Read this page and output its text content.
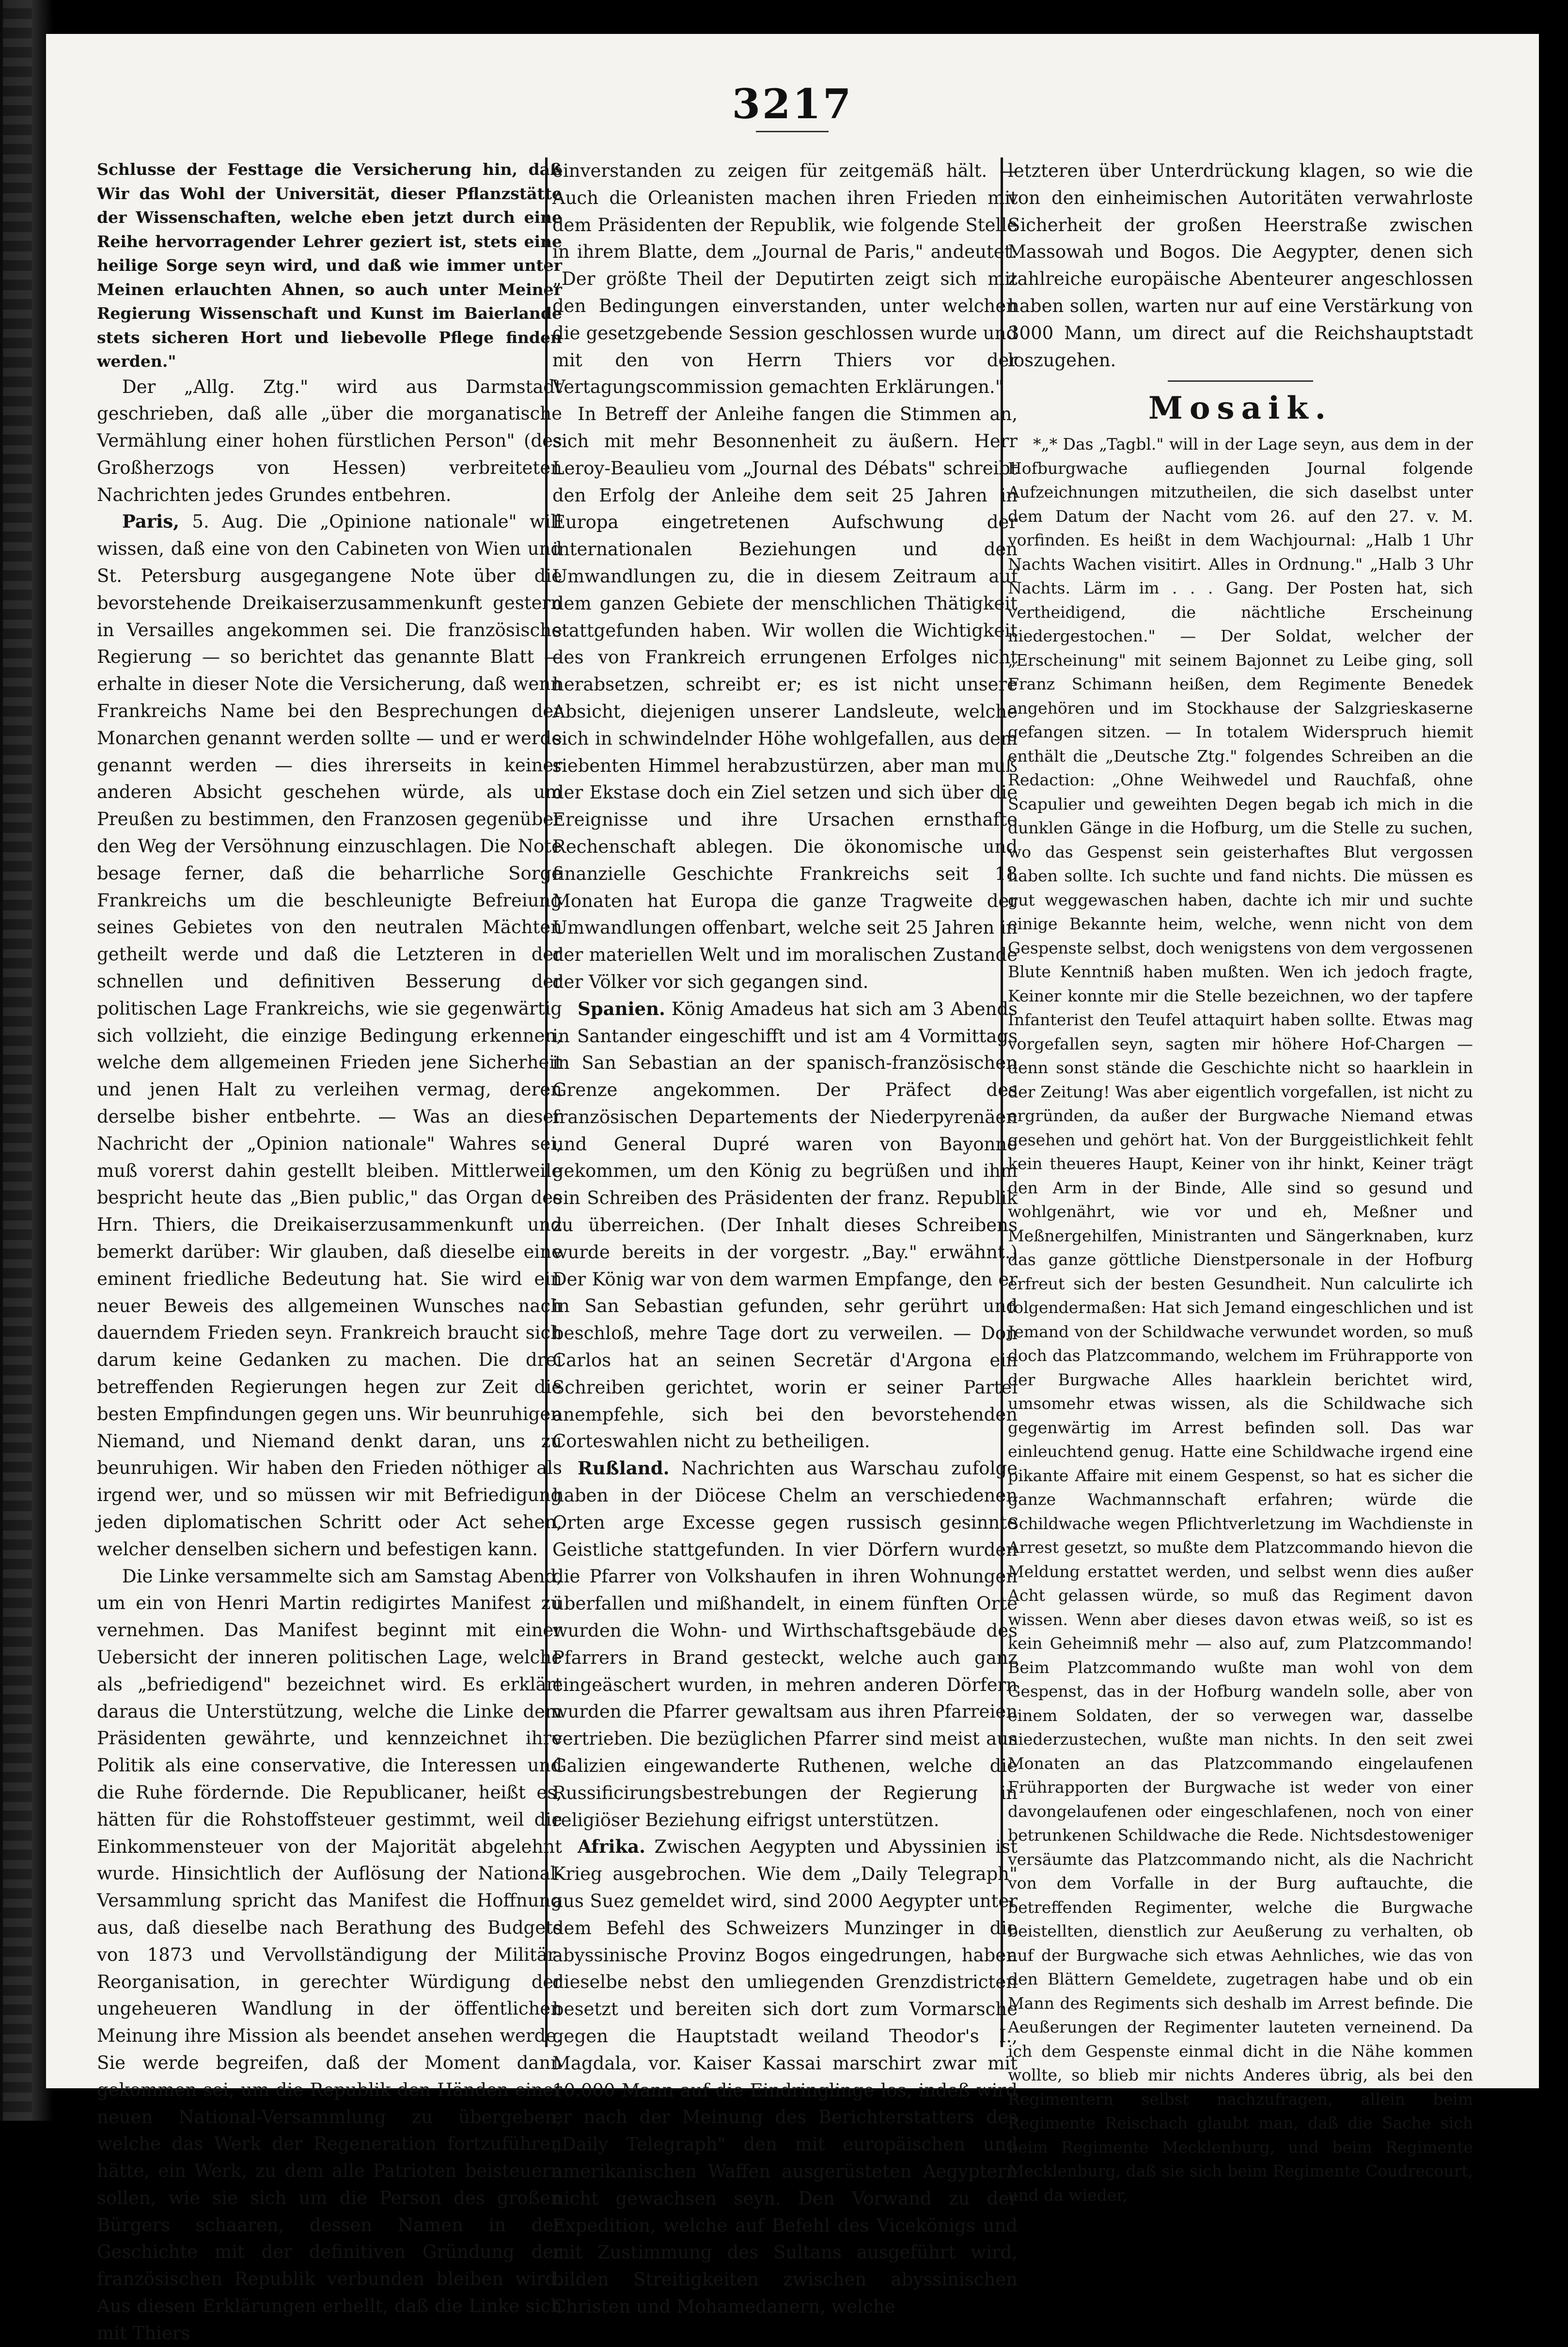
3217

Schlusse der Festtage die Versicherung hin, daß Wir das Wohl der Universität, dieser Pflanzstätte der Wissenschaften, welche eben jetzt durch eine Reihe hervorragender Lehrer geziert ist, stets eine heilige Sorge seyn wird, und daß wie immer unter Meinen erlauchten Ahnen, so auch unter Meiner Regierung Wissenschaft und Kunst im Baierlande stets sicheren Hort und liebevolle Pflege finden werden."

Der „Allg. Ztg." wird aus Darmstadt geschrieben, daß alle „über die morganatische Vermählung einer hohen fürstlichen Person" (des Großherzogs von Hessen) verbreiteten Nachrichten jedes Grundes entbehren.

Paris, 5. Aug. Die „Opinione nationale" will wissen, daß eine von den Cabineten von Wien und St. Petersburg ausgegangene Note über die bevorstehende Dreikaiserzusammenkunft gestern in Versailles angekommen sei. Die französische Regierung — so berichtet das genannte Blatt — erhalte in dieser Note die Versicherung, daß wenn Frankreichs Name bei den Besprechungen der Monarchen genannt werden sollte — und er werde genannt werden — dies ihrerseits in keiner anderen Absicht geschehen würde, als um Preußen zu bestimmen, den Franzosen gegenüber den Weg der Versöhnung einzuschlagen. Die Note besage ferner, daß die beharrliche Sorge Frankreichs um die beschleunigte Befreiung seines Gebietes von den neutralen Mächten getheilt werde und daß die Letzteren in der schnellen und definitiven Besserung der politischen Lage Frankreichs, wie sie gegenwärtig sich vollzieht, die einzige Bedingung erkennen, welche dem allgemeinen Frieden jene Sicherheit und jenen Halt zu verleihen vermag, deren derselbe bisher entbehrte. — Was an dieser Nachricht der „Opinion nationale" Wahres sei, muß vorerst dahin gestellt bleiben. Mittlerweile bespricht heute das „Bien public," das Organ des Hrn. Thiers, die Dreikaiserzusammenkunft und bemerkt darüber: Wir glauben, daß dieselbe eine eminent friedliche Bedeutung hat. Sie wird ein neuer Beweis des allgemeinen Wunsches nach dauerndem Frieden seyn. Frankreich braucht sich darum keine Gedanken zu machen. Die drei betreffenden Regierungen hegen zur Zeit die besten Empfindungen gegen uns. Wir beunruhigen Niemand, und Niemand denkt daran, uns zu beunruhigen. Wir haben den Frieden nöthiger als irgend wer, und so müssen wir mit Befriedigung jeden diplomatischen Schritt oder Act sehen, welcher denselben sichern und befestigen kann.

Die Linke versammelte sich am Samstag Abend, um ein von Henri Martin redigirtes Manifest zu vernehmen. Das Manifest beginnt mit einer Uebersicht der inneren politischen Lage, welche als „befriedigend" bezeichnet wird. Es erklärt daraus die Unterstützung, welche die Linke dem Präsidenten gewährte, und kennzeichnet ihre Politik als eine conservative, die Interessen und die Ruhe fördernde. Die Republicaner, heißt es, hätten für die Rohstoffsteuer gestimmt, weil die Einkommensteuer von der Majorität abgelehnt wurde. Hinsichtlich der Auflösung der National-Versammlung spricht das Manifest die Hoffnung aus, daß dieselbe nach Berathung des Budgets von 1873 und Vervollständigung der Militär-Reorganisation, in gerechter Würdigung der ungeheueren Wandlung in der öffentlichen Meinung ihre Mission als beendet ansehen werde. Sie werde begreifen, daß der Moment dann gekommen sei, um die Republik den Händen einer neuen National-Versammlung zu übergeben, welche das Werk der Regeneration fortzuführen hätte, ein Werk, zu dem alle Patrioten beisteuern sollen, wie sie sich um die Person des großen Bürgers schaaren, dessen Namen in der Geschichte mit der definitiven Gründung der französischen Republik verbunden bleiben wird. Aus diesen Erklärungen erhellt, daß die Linke sich mit Thiers

einverstanden zu zeigen für zeitgemäß hält. — Auch die Orleanisten machen ihren Frieden mit dem Präsidenten der Republik, wie folgende Stelle in ihrem Blatte, dem „Journal de Paris," andeutet: „Der größte Theil der Deputirten zeigt sich mit den Bedingungen einverstanden, unter welchen die gesetzgebende Session geschlossen wurde und mit den von Herrn Thiers vor der Vertagungscommission gemachten Erklärungen."

In Betreff der Anleihe fangen die Stimmen an, sich mit mehr Besonnenheit zu äußern. Herr Leroy-Beaulieu vom „Journal des Débats" schreibt den Erfolg der Anleihe dem seit 25 Jahren in Europa eingetretenen Aufschwung der internationalen Beziehungen und den Umwandlungen zu, die in diesem Zeitraum auf dem ganzen Gebiete der menschlichen Thätigkeit stattgefunden haben. Wir wollen die Wichtigkeit des von Frankreich errungenen Erfolges nicht herabsetzen, schreibt er; es ist nicht unsere Absicht, diejenigen unserer Landsleute, welche sich in schwindelnder Höhe wohlgefallen, aus dem siebenten Himmel herabzustürzen, aber man muß der Ekstase doch ein Ziel setzen und sich über die Ereignisse und ihre Ursachen ernsthafte Rechenschaft ablegen. Die ökonomische und finanzielle Geschichte Frankreichs seit 18 Monaten hat Europa die ganze Tragweite der Umwandlungen offenbart, welche seit 25 Jahren in der materiellen Welt und im moralischen Zustande der Völker vor sich gegangen sind.

Spanien. König Amadeus hat sich am 3 Abends in Santander eingeschifft und ist am 4 Vormittags in San Sebastian an der spanisch-französischen Grenze angekommen. Der Präfect des französischen Departements der Niederpyrenäen und General Dupré waren von Bayonne gekommen, um den König zu begrüßen und ihm ein Schreiben des Präsidenten der franz. Republik zu überreichen. (Der Inhalt dieses Schreibens wurde bereits in der vorgestr. „Bay." erwähnt.) Der König war von dem warmen Empfange, den er in San Sebastian gefunden, sehr gerührt und beschloß, mehre Tage dort zu verweilen. — Don Carlos hat an seinen Secretär d'Argona ein Schreiben gerichtet, worin er seiner Partei anempfehle, sich bei den bevorstehenden Corteswahlen nicht zu betheiligen.

Rußland. Nachrichten aus Warschau zufolge haben in der Diöcese Chelm an verschiedenen Orten arge Excesse gegen russisch gesinnte Geistliche stattgefunden. In vier Dörfern wurden die Pfarrer von Volkshaufen in ihren Wohnungen überfallen und mißhandelt, in einem fünften Orte wurden die Wohn- und Wirthschaftsgebäude des Pfarrers in Brand gesteckt, welche auch ganz eingeäschert wurden, in mehren anderen Dörfern wurden die Pfarrer gewaltsam aus ihren Pfarreien vertrieben. Die bezüglichen Pfarrer sind meist aus Galizien eingewanderte Ruthenen, welche die Russificirungsbestrebungen der Regierung in religiöser Beziehung eifrigst unterstützen.

Afrika. Zwischen Aegypten und Abyssinien ist Krieg ausgebrochen. Wie dem „Daily Telegraph" aus Suez gemeldet wird, sind 2000 Aegypter unter dem Befehl des Schweizers Munzinger in die abyssinische Provinz Bogos eingedrungen, haben dieselbe nebst den umliegenden Grenzdistricten besetzt und bereiten sich dort zum Vormarsche gegen die Hauptstadt weiland Theodor's I., Magdala, vor. Kaiser Kassai marschirt zwar mit 10.000 Mann auf die Eindringlinge los, indeß wird er nach der Meinung des Berichterstatters des „Daily Telegraph" den mit europäischen und amerikanischen Waffen ausgerüsteten Aegyptern nicht gewachsen seyn. Den Vorwand zu der Expedition, welche auf Befehl des Vicekönigs und mit Zustimmung des Sultans ausgeführt wird, bilden Streitigkeiten zwischen abyssinischen Christen und Mohamedanern, welche

letzteren über Unterdrückung klagen, so wie die von den einheimischen Autoritäten verwahrloste Sicherheit der großen Heerstraße zwischen Massowah und Bogos. Die Aegypter, denen sich zahlreiche europäische Abenteurer angeschlossen haben sollen, warten nur auf eine Verstärkung von 3000 Mann, um direct auf die Reichshauptstadt loszugehen.

Mosaik.

*„* Das „Tagbl." will in der Lage seyn, aus dem in der Hofburgwache aufliegenden Journal folgende Aufzeichnungen mitzutheilen, die sich daselbst unter dem Datum der Nacht vom 26. auf den 27. v. M. vorfinden. Es heißt in dem Wachjournal: „Halb 1 Uhr Nachts Wachen visitirt. Alles in Ordnung." „Halb 3 Uhr Nachts. Lärm im . . . Gang. Der Posten hat, sich vertheidigend, die nächtliche Erscheinung niedergestochen." — Der Soldat, welcher der „Erscheinung" mit seinem Bajonnet zu Leibe ging, soll Franz Schimann heißen, dem Regimente Benedek angehören und im Stockhause der Salzgrieskaserne gefangen sitzen. — In totalem Widerspruch hiemit enthält die „Deutsche Ztg." folgendes Schreiben an die Redaction: „Ohne Weihwedel und Rauchfaß, ohne Scapulier und geweihten Degen begab ich mich in die dunklen Gänge in die Hofburg, um die Stelle zu suchen, wo das Gespenst sein geisterhaftes Blut vergossen haben sollte. Ich suchte und fand nichts. Die müssen es gut weggewaschen haben, dachte ich mir und suchte einige Bekannte heim, welche, wenn nicht von dem Gespenste selbst, doch wenigstens von dem vergossenen Blute Kenntniß haben mußten. Wen ich jedoch fragte, Keiner konnte mir die Stelle bezeichnen, wo der tapfere Infanterist den Teufel attaquirt haben sollte. Etwas mag vorgefallen seyn, sagten mir höhere Hof-Chargen — denn sonst stände die Geschichte nicht so haarklein in der Zeitung! Was aber eigentlich vorgefallen, ist nicht zu ergründen, da außer der Burgwache Niemand etwas gesehen und gehört hat. Von der Burggeistlichkeit fehlt kein theueres Haupt, Keiner von ihr hinkt, Keiner trägt den Arm in der Binde, Alle sind so gesund und wohlgenährt, wie vor und eh, Meßner und Meßnergehilfen, Ministranten und Sängerknaben, kurz das ganze göttliche Dienstpersonale in der Hofburg erfreut sich der besten Gesundheit. Nun calculirte ich folgendermaßen: Hat sich Jemand eingeschlichen und ist Jemand von der Schildwache verwundet worden, so muß doch das Platzcommando, welchem im Frührapporte von der Burgwache Alles haarklein berichtet wird, umsomehr etwas wissen, als die Schildwache sich gegenwärtig im Arrest befinden soll. Das war einleuchtend genug. Hatte eine Schildwache irgend eine pikante Affaire mit einem Gespenst, so hat es sicher die ganze Wachmannschaft erfahren; würde die Schildwache wegen Pflichtverletzung im Wachdienste in Arrest gesetzt, so mußte dem Platzcommando hievon die Meldung erstattet werden, und selbst wenn dies außer Acht gelassen würde, so muß das Regiment davon wissen. Wenn aber dieses davon etwas weiß, so ist es kein Geheimniß mehr — also auf, zum Platzcommando! Beim Platzcommando wußte man wohl von dem Gespenst, das in der Hofburg wandeln solle, aber von einem Soldaten, der so verwegen war, dasselbe niederzustechen, wußte man nichts. In den seit zwei Monaten an das Platzcommando eingelaufenen Frührapporten der Burgwache ist weder von einer davongelaufenen oder eingeschlafenen, noch von einer betrunkenen Schildwache die Rede. Nichtsdestoweniger versäumte das Platzcommando nicht, als die Nachricht von dem Vorfalle in der Burg auftauchte, die betreffenden Regimenter, welche die Burgwache beistellten, dienstlich zur Aeußerung zu verhalten, ob auf der Burgwache sich etwas Aehnliches, wie das von den Blättern Gemeldete, zugetragen habe und ob ein Mann des Regiments sich deshalb im Arrest befinde. Die Aeußerungen der Regimenter lauteten verneinend. Da ich dem Gespenste einmal dicht in die Nähe kommen wollte, so blieb mir nichts Anderes übrig, als bei den Regimentern selbst nachzufragen, allein beim Regimente Reischach glaubt man, daß die Sache sich beim Regimente Mecklenburg, und beim Regimente Mecklenburg, daß sie sich beim Regimente Coudrecourt, und da wieder,
